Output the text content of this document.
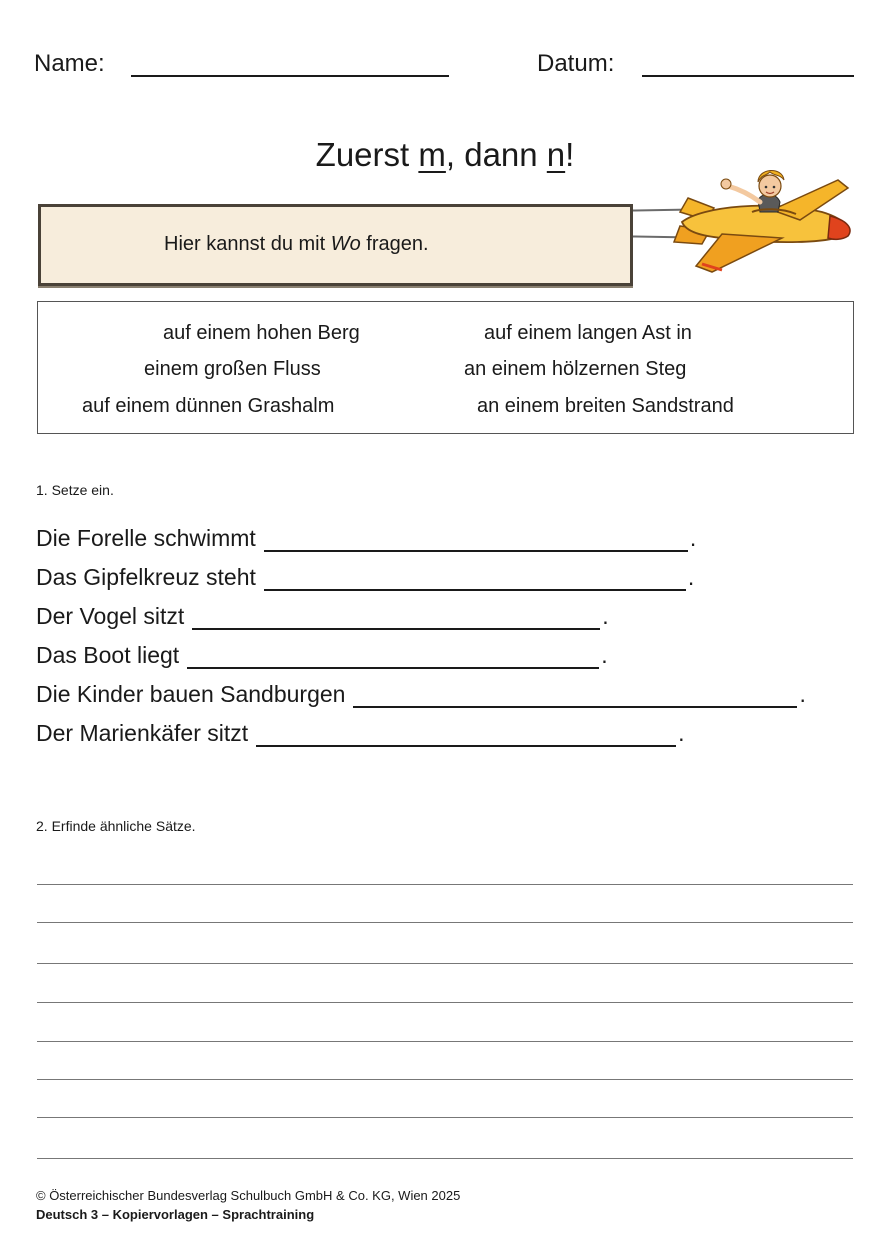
Name:	Datum:
Zuerst m, dann n!
Hier kannst du mit Wo fragen.
auf einem hohen Berg	auf einem langen Ast in
einem großen Fluss	an einem hölzernen Steg
auf einem dünnen Grashalm	an einem breiten Sandstrand
1. Setze ein.
Die Forelle schwimmt	.
Das Gipfelkreuz steht	.
Der Vogel sitzt	.
Das Boot liegt	.
Die Kinder bauen Sandburgen	.
Der Marienkäfer sitzt	.
2. Erfinde ähnliche Sätze.
© Österreichischer Bundesverlag Schulbuch GmbH & Co. KG, Wien 2025
Deutsch 3 – Kopiervorlagen – Sprachtraining
